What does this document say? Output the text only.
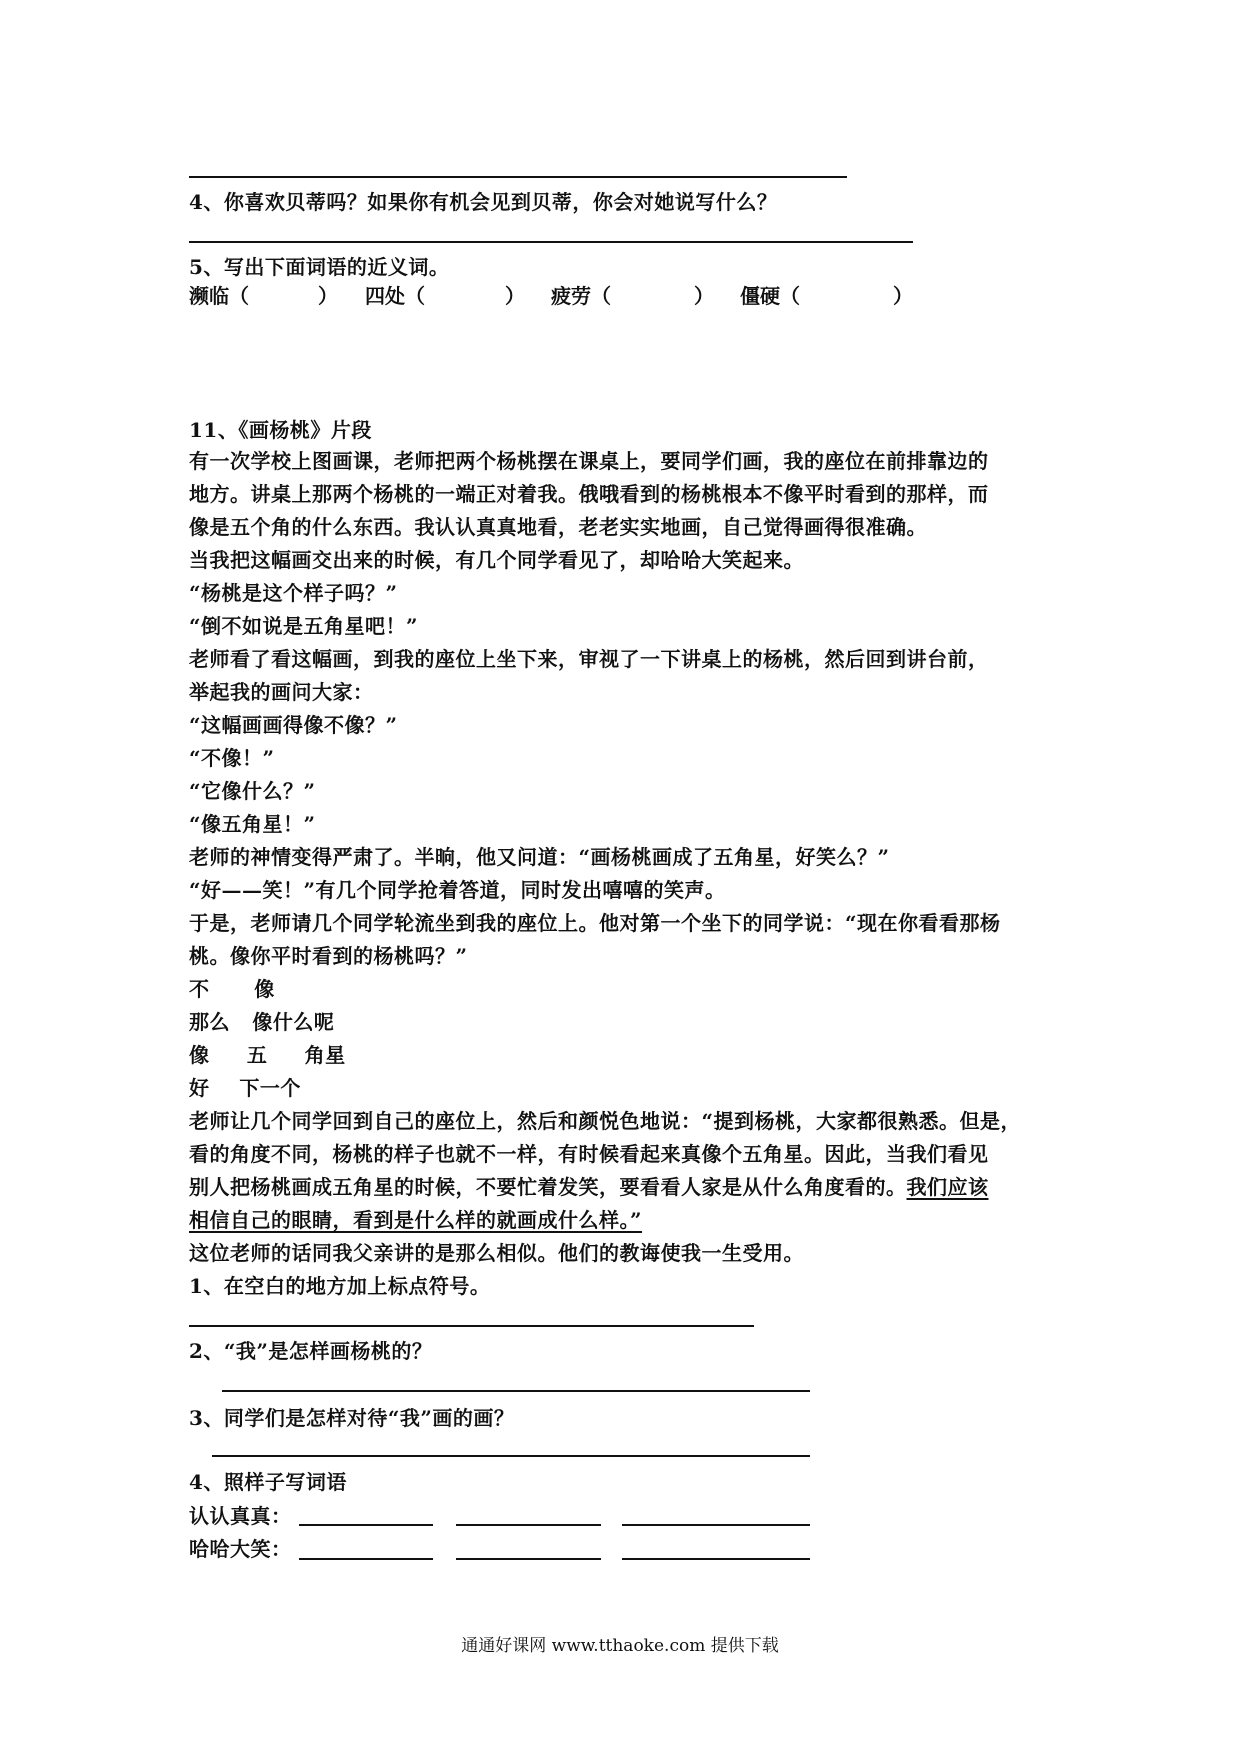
4、你喜欢贝蒂吗？如果你有机会见到贝蒂，你会对她说写什么？
5、写出下面词语的近义词。
濒临（	） 四处（	） 疲劳（	） 僵硬（	）
11、《画杨桃》片段
有一次学校上图画课，老师把两个杨桃摆在课桌上，要同学们画，我的座位在前排靠边的
地方。讲桌上那两个杨桃的一端正对着我。俄哦看到的杨桃根本不像平时看到的那样，而
像是五个角的什么东西。我认认真真地看，老老实实地画，自己觉得画得很准确。
当我把这幅画交出来的时候，有几个同学看见了，却哈哈大笑起来。
“杨桃是这个样子吗？”
“倒不如说是五角星吧！”
老师看了看这幅画，到我的座位上坐下来，审视了一下讲桌上的杨桃，然后回到讲台前，
举起我的画问大家：
“这幅画画得像不像？”
“不像！”
“它像什么？”
“像五角星！”
老师的神情变得严肃了。半晌，他又问道：“画杨桃画成了五角星，好笑么？”
“好——笑！”有几个同学抢着答道，同时发出嘻嘻的笑声。
于是，老师请几个同学轮流坐到我的座位上。他对第一个坐下的同学说：“现在你看看那杨
桃。像你平时看到的杨桃吗？”
不      像
那么   像什么呢
像     五     角星
好    下一个
老师让几个同学回到自己的座位上，然后和颜悦色地说：“提到杨桃，大家都很熟悉。但是，
看的角度不同，杨桃的样子也就不一样，有时候看起来真像个五角星。因此，当我们看见
别人把杨桃画成五角星的时候，不要忙着发笑，要看看人家是从什么角度看的。我们应该
相信自己的眼睛，看到是什么样的就画成什么样。”
这位老师的话同我父亲讲的是那么相似。他们的教诲使我一生受用。
1、在空白的地方加上标点符号。
2、“我”是怎样画杨桃的？
3、同学们是怎样对待“我”画的画？
4、照样子写词语
认认真真：
哈哈大笑：
通通好课网 www.tthaoke.com 提供下载
